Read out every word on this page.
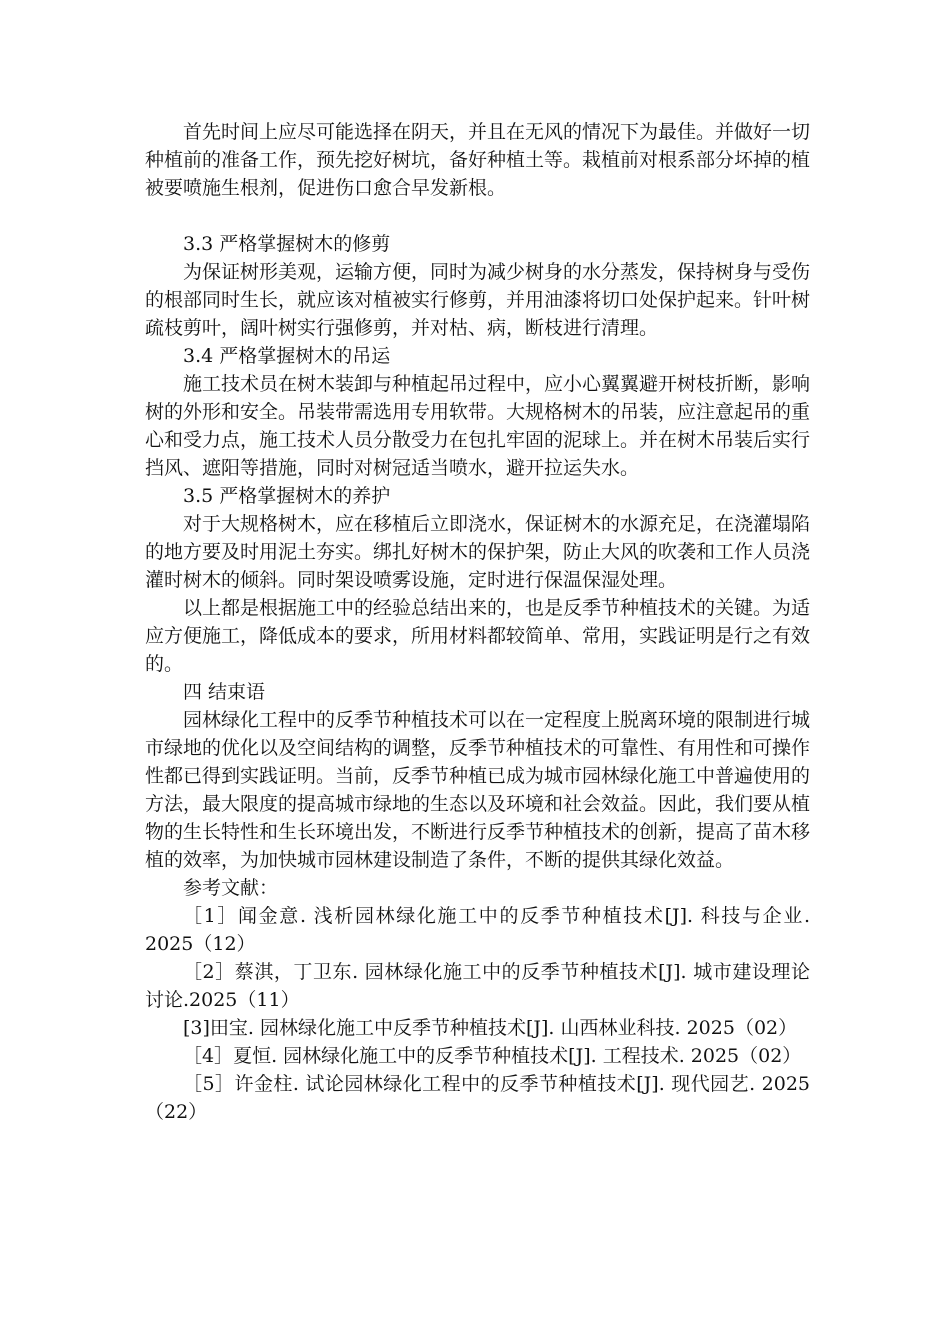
首先时间上应尽可能选择在阴天，并且在无风的情况下为最佳。并做好一切种植前的准备工作，预先挖好树坑，备好种植土等。栽植前对根系部分坏掉的植被要喷施生根剂，促进伤口愈合早发新根。

3.3 严格掌握树木的修剪

为保证树形美观，运输方便，同时为减少树身的水分蒸发，保持树身与受伤的根部同时生长，就应该对植被实行修剪，并用油漆将切口处保护起来。针叶树疏枝剪叶，阔叶树实行强修剪，并对枯、病，断枝进行清理。

3.4 严格掌握树木的吊运

施工技术员在树木装卸与种植起吊过程中，应小心翼翼避开树枝折断，影响树的外形和安全。吊装带需选用专用软带。大规格树木的吊装，应注意起吊的重心和受力点，施工技术人员分散受力在包扎牢固的泥球上。并在树木吊装后实行挡风、遮阳等措施，同时对树冠适当喷水，避开拉运失水。

3.5 严格掌握树木的养护

对于大规格树木，应在移植后立即浇水，保证树木的水源充足，在浇灌塌陷的地方要及时用泥土夯实。绑扎好树木的保护架，防止大风的吹袭和工作人员浇灌时树木的倾斜。同时架设喷雾设施，定时进行保温保湿处理。

以上都是根据施工中的经验总结出来的，也是反季节种植技术的关键。为适应方便施工，降低成本的要求，所用材料都较简单、常用，实践证明是行之有效的。

四 结束语

园林绿化工程中的反季节种植技术可以在一定程度上脱离环境的限制进行城市绿地的优化以及空间结构的调整，反季节种植技术的可靠性、有用性和可操作性都已得到实践证明。当前，反季节种植已成为城市园林绿化施工中普遍使用的方法，最大限度的提高城市绿地的生态以及环境和社会效益。因此，我们要从植物的生长特性和生长环境出发，不断进行反季节种植技术的创新，提高了苗木移植的效率，为加快城市园林建设制造了条件，不断的提供其绿化效益。

参考文献：

［1］闻金意. 浅析园林绿化施工中的反季节种植技术[J]. 科技与企业. 2025（12）

［2］蔡淇，丁卫东. 园林绿化施工中的反季节种植技术[J]. 城市建设理论讨论.2025（11）

[3]田宝. 园林绿化施工中反季节种植技术[J]. 山西林业科技. 2025（02）

［4］夏恒. 园林绿化施工中的反季节种植技术[J]. 工程技术. 2025（02）

［5］许金柱. 试论园林绿化工程中的反季节种植技术[J]. 现代园艺. 2025（22）
